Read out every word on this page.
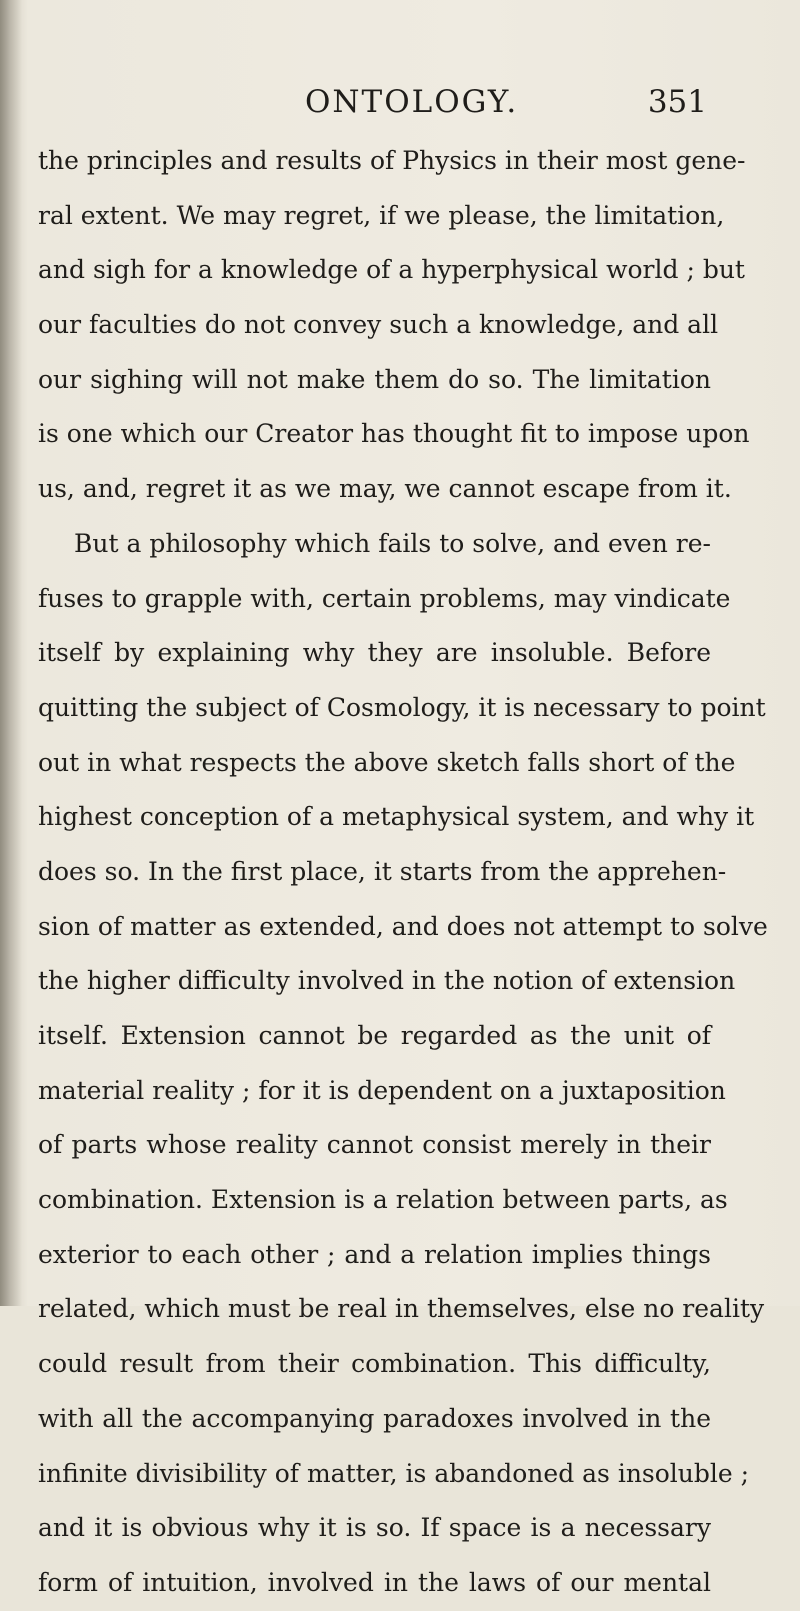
ONTOLOGY.	351
the principles and results of Physics in their most gene-
ral extent. We may regret, if we please, the limitation,
and sigh for a knowledge of a hyperphysical world ; but
our faculties do not convey such a knowledge, and all
our sighing will not make them do so. The limitation
is one which our Creator has thought fit to impose upon
us, and, regret it as we may, we cannot escape from it.
But a philosophy which fails to solve, and even re-
fuses to grapple with, certain problems, may vindicate
itself by explaining why they are insoluble. Before
quitting the subject of Cosmology, it is necessary to point
out in what respects the above sketch falls short of the
highest conception of a metaphysical system, and why it
does so. In the first place, it starts from the apprehen-
sion of matter as extended, and does not attempt to solve
the higher difficulty involved in the notion of extension
itself. Extension cannot be regarded as the unit of
material reality ; for it is dependent on a juxtaposition
of parts whose reality cannot consist merely in their
combination. Extension is a relation between parts, as
exterior to each other ; and a relation implies things
related, which must be real in themselves, else no reality
could result from their combination. This difficulty,
with all the accompanying paradoxes involved in the
infinite divisibility of matter, is abandoned as insoluble ;
and it is obvious why it is so. If space is a necessary
form of intuition, involved in the laws of our mental
